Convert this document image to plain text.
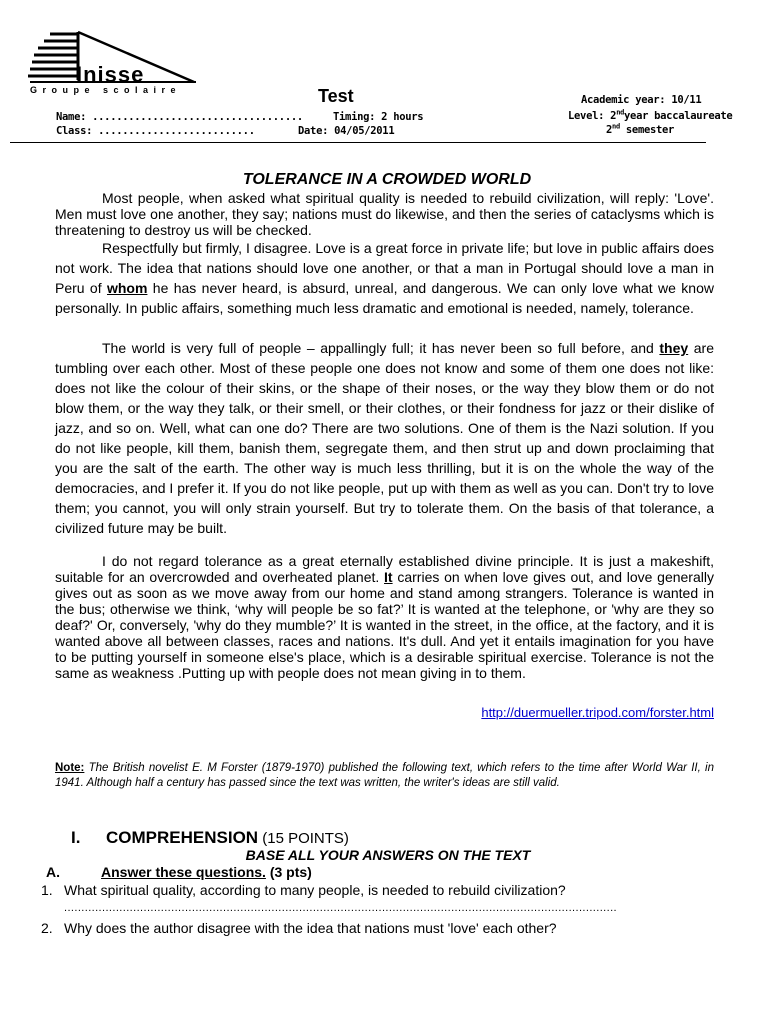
Inisse
Groupe scolaire	Test
Name: ...................................
Class: ..........................
Timing: 2 hours
Date: 04/05/2011
Academic year: 10/11
Level: 2ndyear baccalaureate
2nd semester
TOLERANCE IN A CROWDED WORLD

Most people, when asked what spiritual quality is needed to rebuild civilization, will reply: 'Love'. Men must love one another, they say; nations must do likewise, and then the series of cataclysms which is threatening to destroy us will be checked.

Respectfully but firmly, I disagree. Love is a great force in private life; but love in public affairs does not work. The idea that nations should love one another, or that a man in Portugal should love a man in Peru of whom he has never heard, is absurd, unreal, and dangerous. We can only love what we know personally. In public affairs, something much less dramatic and emotional is needed, namely, tolerance.

The world is very full of people – appallingly full; it has never been so full before, and they are tumbling over each other. Most of these people one does not know and some of them one does not like: does not like the colour of their skins, or the shape of their noses, or the way they blow them or do not blow them, or the way they talk, or their smell, or their clothes, or their fondness for jazz or their dislike of jazz, and so on. Well, what can one do? There are two solutions. One of them is the Nazi solution. If you do not like people, kill them, banish them, segregate them, and then strut up and down proclaiming that you are the salt of the earth. The other way is much less thrilling, but it is on the whole the way of the democracies, and I prefer it. If you do not like people, put up with them as well as you can. Don't try to love them; you cannot, you will only strain yourself. But try to tolerate them. On the basis of that tolerance, a civilized future may be built.

I do not regard tolerance as a great eternally established divine principle. It is just a makeshift, suitable for an overcrowded and overheated planet. It carries on when love gives out, and love generally gives out as soon as we move away from our home and stand among strangers. Tolerance is wanted in the bus; otherwise we think, ‘why will people be so fat?’ It is wanted at the telephone, or 'why are they so deaf?' Or, conversely, 'why do they mumble?’ It is wanted in the street, in the office, at the factory, and it is wanted above all between classes, races and nations. It's dull. And yet it entails imagination for you have to be putting yourself in someone else's place, which is a desirable spiritual exercise. Tolerance is not the same as weakness .Putting up with people does not mean giving in to them.

http://duermueller.tripod.com/forster.html
Note: The British novelist E. M Forster (1879-1970) published the following text, which refers to the time after World War II, in 1941. Although half a century has passed since the text was written, the writer's ideas are still valid.
I. COMPREHENSION (15 POINTS)
BASE ALL YOUR ANSWERS ON THE TEXT
A.	Answer these questions. (3 pts)
1. What spiritual quality, according to many people, is needed to rebuild civilization?
................................................................................................................................................................
2. Why does the author disagree with the idea that nations must 'love' each other?
